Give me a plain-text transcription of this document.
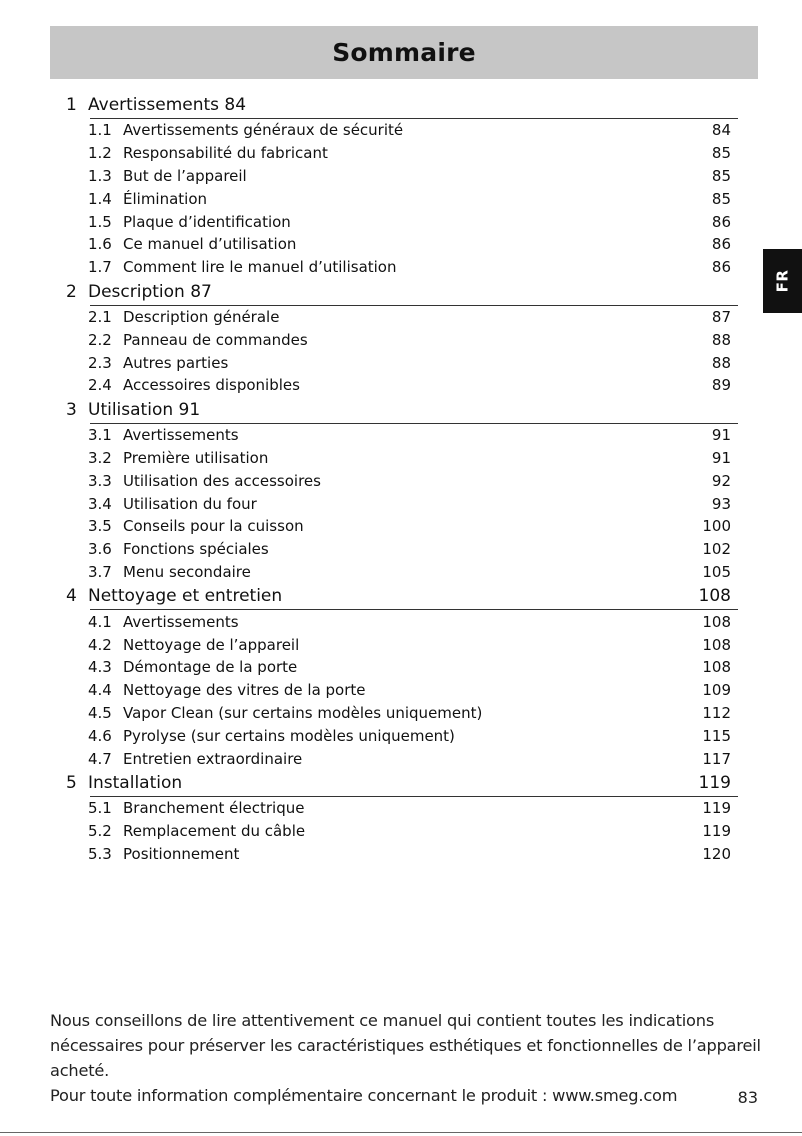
Sommaire
FR
1 Avertissements 84
1.1 Avertissements généraux de sécurité	84
1.2 Responsabilité du fabricant	85
1.3 But de l’appareil	85
1.4 Élimination	85
1.5 Plaque d’identification	86
1.6 Ce manuel d’utilisation	86
1.7 Comment lire le manuel d’utilisation	86
2 Description 87
2.1 Description générale	87
2.2 Panneau de commandes	88
2.3 Autres parties	88
2.4 Accessoires disponibles	89
3 Utilisation 91
3.1 Avertissements	91
3.2 Première utilisation	91
3.3 Utilisation des accessoires	92
3.4 Utilisation du four	93
3.5 Conseils pour la cuisson	100
3.6 Fonctions spéciales	102
3.7 Menu secondaire	105
4 Nettoyage et entretien	108
4.1 Avertissements	108
4.2 Nettoyage de l’appareil	108
4.3 Démontage de la porte	108
4.4 Nettoyage des vitres de la porte	109
4.5 Vapor Clean (sur certains modèles uniquement)	112
4.6 Pyrolyse (sur certains modèles uniquement)	115
4.7 Entretien extraordinaire	117
5 Installation	119
5.1 Branchement électrique	119
5.2 Remplacement du câble	119
5.3 Positionnement	120
Nous conseillons de lire attentivement ce manuel qui contient toutes les indications
nécessaires pour préserver les caractéristiques esthétiques et fonctionnelles de l’appareil acheté.
Pour toute information complémentaire concernant le produit : www.smeg.com	83
